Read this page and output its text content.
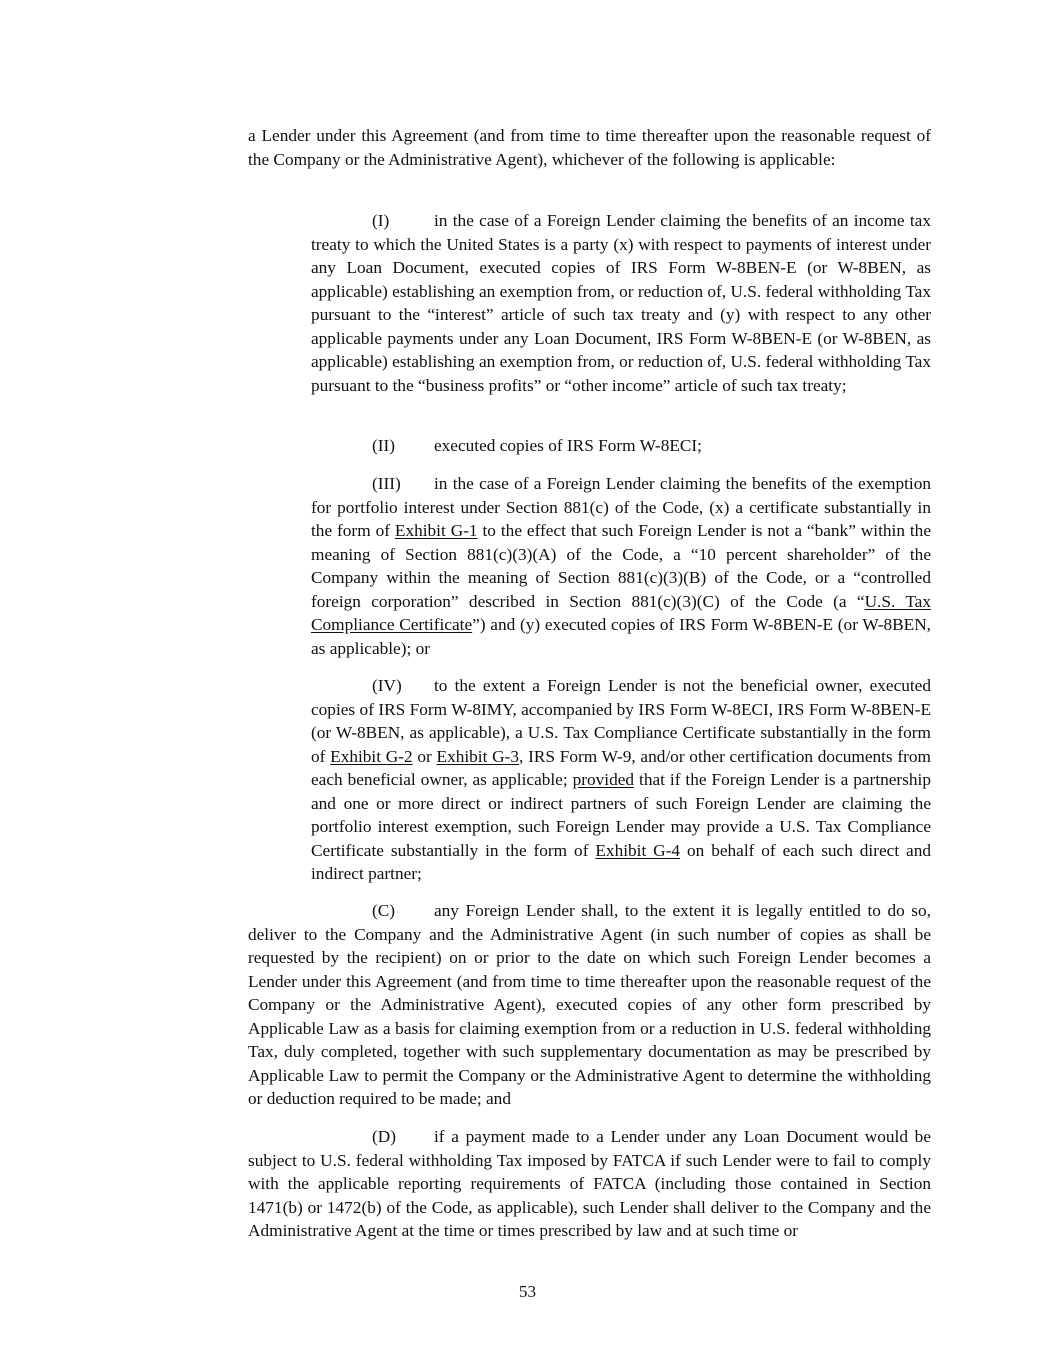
a Lender under this Agreement (and from time to time thereafter upon the reasonable request of the Company or the Administrative Agent), whichever of the following is applicable:

(I)	in the case of a Foreign Lender claiming the benefits of an income tax treaty to which the United States is a party (x) with respect to payments of interest under any Loan Document, executed copies of IRS Form W-8BEN-E (or W-8BEN, as applicable) establishing an exemption from, or reduction of, U.S. federal withholding Tax pursuant to the “interest” article of such tax treaty and (y) with respect to any other applicable payments under any Loan Document, IRS Form W-8BEN-E (or W-8BEN, as applicable) establishing an exemption from, or reduction of, U.S. federal withholding Tax pursuant to the “business profits” or “other income” article of such tax treaty;

(II) executed copies of IRS Form W-8ECI;

(III) in the case of a Foreign Lender claiming the benefits of the exemption for portfolio interest under Section 881(c) of the Code, (x) a certificate substantially in the form of Exhibit G-1 to the effect that such Foreign Lender is not a “bank” within the meaning of Section 881(c)(3)(A) of the Code, a “10 percent shareholder” of the Company within the meaning of Section 881(c)(3)(B) of the Code, or a “controlled foreign corporation” described in Section 881(c)(3)(C) of the Code (a “U.S. Tax Compliance Certificate”) and (y) executed copies of IRS Form W-8BEN-E (or W-8BEN, as applicable); or

(IV) to the extent a Foreign Lender is not the beneficial owner, executed copies of IRS Form W-8IMY, accompanied by IRS Form W-8ECI, IRS Form W-8BEN-E (or W-8BEN, as applicable), a U.S. Tax Compliance Certificate substantially in the form of Exhibit G-2 or Exhibit G-3, IRS Form W-9, and/or other certification documents from each beneficial owner, as applicable; provided that if the Foreign Lender is a partnership and one or more direct or indirect partners of such Foreign Lender are claiming the portfolio interest exemption, such Foreign Lender may provide a U.S. Tax Compliance Certificate substantially in the form of Exhibit G-4 on behalf of each such direct and indirect partner;

(C) any Foreign Lender shall, to the extent it is legally entitled to do so, deliver to the Company and the Administrative Agent (in such number of copies as shall be requested by the recipient) on or prior to the date on which such Foreign Lender becomes a Lender under this Agreement (and from time to time thereafter upon the reasonable request of the Company or the Administrative Agent), executed copies of any other form prescribed by Applicable Law as a basis for claiming exemption from or a reduction in U.S. federal withholding Tax, duly completed, together with such supplementary documentation as may be prescribed by Applicable Law to permit the Company or the Administrative Agent to determine the withholding or deduction required to be made; and

(D) if a payment made to a Lender under any Loan Document would be subject to U.S. federal withholding Tax imposed by FATCA if such Lender were to fail to comply with the applicable reporting requirements of FATCA (including those contained in Section 1471(b) or 1472(b) of the Code, as applicable), such Lender shall deliver to the Company and the Administrative Agent at the time or times prescribed by law and at such time or

53
